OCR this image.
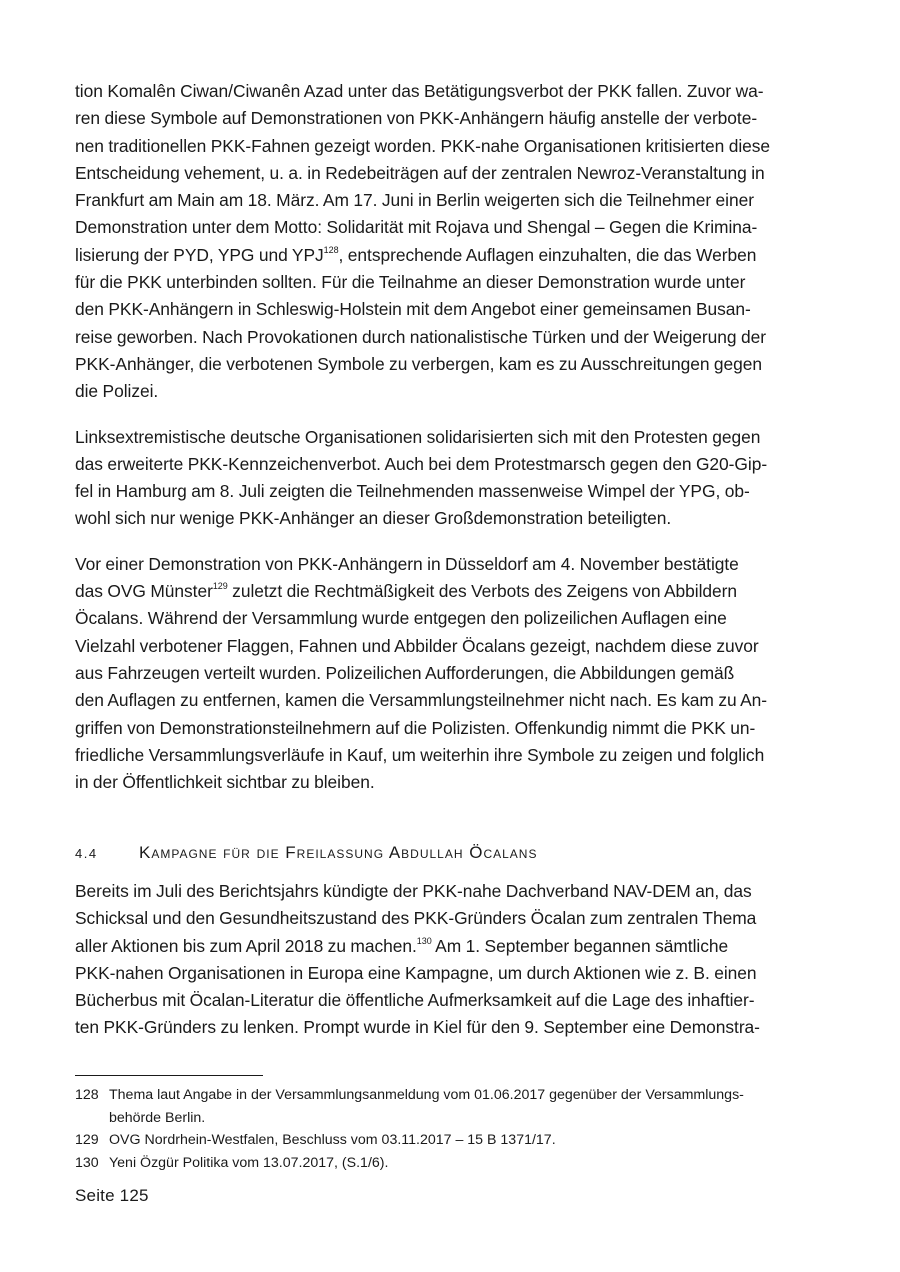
tion Komalên Ciwan/Ciwanên Azad unter das Betätigungsverbot der PKK fallen. Zuvor wa-

ren diese Symbole auf Demonstrationen von PKK-Anhängern häufig anstelle der verbote-

nen traditionellen PKK-Fahnen gezeigt worden. PKK-nahe Organisationen kritisierten diese

Entscheidung vehement, u. a. in Redebeiträgen auf der zentralen Newroz-Veranstaltung in

Frankfurt am Main am 18. März. Am 17. Juni in Berlin weigerten sich die Teilnehmer einer

Demonstration unter dem Motto: Solidarität mit Rojava und Shengal – Gegen die Krimina-

lisierung der PYD, YPG und YPJ$^{128}$, entsprechende Auflagen einzuhalten, die das Werben

für die PKK unterbinden sollten. Für die Teilnahme an dieser Demonstration wurde unter

den PKK-Anhängern in Schleswig-Holstein mit dem Angebot einer gemeinsamen Busan-

reise geworben. Nach Provokationen durch nationalistische Türken und der Weigerung der

PKK-Anhänger, die verbotenen Symbole zu verbergen, kam es zu Ausschreitungen gegen

die Polizei.

Linksextremistische deutsche Organisationen solidarisierten sich mit den Protesten gegen

das erweiterte PKK-Kennzeichenverbot. Auch bei dem Protestmarsch gegen den G20-Gip-

fel in Hamburg am 8. Juli zeigten die Teilnehmenden massenweise Wimpel der YPG, ob-

wohl sich nur wenige PKK-Anhänger an dieser Großdemonstration beteiligten.

Vor einer Demonstration von PKK-Anhängern in Düsseldorf am 4. November bestätigte

das OVG Münster$^{129}$ zuletzt die Rechtmäßigkeit des Verbots des Zeigens von Abbildern

Öcalans. Während der Versammlung wurde entgegen den polizeilichen Auflagen eine

Vielzahl verbotener Flaggen, Fahnen und Abbilder Öcalans gezeigt, nachdem diese zuvor

aus Fahrzeugen verteilt wurden. Polizeilichen Aufforderungen, die Abbildungen gemäß

den Auflagen zu entfernen, kamen die Versammlungsteilnehmer nicht nach. Es kam zu An-

griffen von Demonstrationsteilnehmern auf die Polizisten. Offenkundig nimmt die PKK un-

friedliche Versammlungsverläufe in Kauf, um weiterhin ihre Symbole zu zeigen und folglich

in der Öffentlichkeit sichtbar zu bleiben.

4.4 Kampagne für die Freilassung Abdullah Öcalans

Bereits im Juli des Berichtsjahrs kündigte der PKK-nahe Dachverband NAV-DEM an, das

Schicksal und den Gesundheitszustand des PKK-Gründers Öcalan zum zentralen Thema

aller Aktionen bis zum April 2018 zu machen.$^{130}$ Am 1. September begannen sämtliche

PKK-nahen Organisationen in Europa eine Kampagne, um durch Aktionen wie z. B. einen

Bücherbus mit Öcalan-Literatur die öffentliche Aufmerksamkeit auf die Lage des inhaftier-

ten PKK-Gründers zu lenken. Prompt wurde in Kiel für den 9. September eine Demonstra-

128 Thema laut Angabe in der Versammlungsanmeldung vom 01.06.2017 gegenüber der Versammlungs-
behörde Berlin.
129 OVG Nordrhein-Westfalen, Beschluss vom 03.11.2017 – 15 B 1371/17.
130 Yeni Özgür Politika vom 13.07.2017, (S.1/6).
Seite 125
